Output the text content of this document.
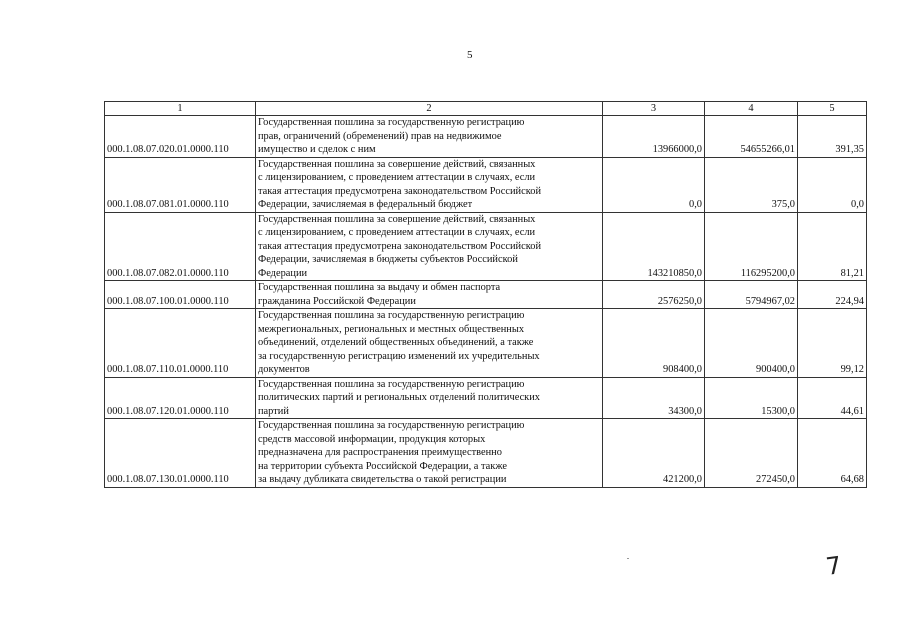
5
1	2	3	4	5
000.1.08.07.020.01.0000.110	Государственная пошлина за государственную регистрацию
прав, ограничений (обременений) прав на недвижимое
имущество и сделок с ним	13966000,0	54655266,01	391,35
000.1.08.07.081.01.0000.110	Государственная пошлина за совершение действий, связанных
с лицензированием, с проведением аттестации в случаях, если
такая аттестация предусмотрена законодательством Российской
Федерации, зачисляемая в федеральный бюджет	0,0	375,0	0,0
000.1.08.07.082.01.0000.110	Государственная пошлина за совершение действий, связанных
с лицензированием, с проведением аттестации в случаях, если
такая аттестация предусмотрена законодательством Российской
Федерации, зачисляемая в бюджеты субъектов Российской
Федерации	143210850,0	116295200,0	81,21
000.1.08.07.100.01.0000.110	Государственная пошлина за выдачу и обмен паспорта
гражданина Российской Федерации	2576250,0	5794967,02	224,94
000.1.08.07.110.01.0000.110	Государственная пошлина за государственную регистрацию
межрегиональных, региональных и местных общественных
объединений, отделений общественных объединений, а также
за государственную регистрацию изменений их учредительных
документов	908400,0	900400,0	99,12
000.1.08.07.120.01.0000.110	Государственная пошлина за государственную регистрацию
политических партий и региональных отделений политических
партий	34300,0	15300,0	44,61
000.1.08.07.130.01.0000.110	Государственная пошлина за государственную регистрацию
средств массовой информации, продукция которых
предназначена для распространения преимущественно
на территории субъекта Российской Федерации, а также
за выдачу дубликата свидетельства о такой регистрации	421200,0	272450,0	64,68
7
